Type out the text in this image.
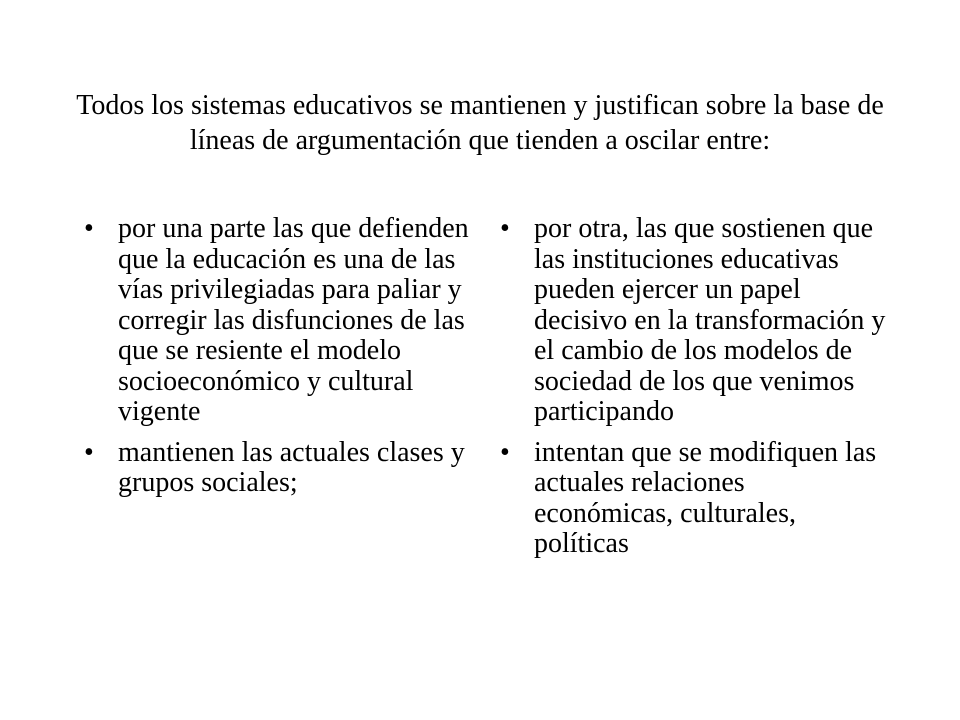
Todos los sistemas educativos se mantienen y justifican sobre la base de líneas de argumentación que tienden a oscilar entre:
• por una parte las que defienden que la educación es una de las vías privilegiadas para paliar y corregir las disfunciones de las que se resiente el modelo socioeconómico y cultural vigente
• mantienen las actuales clases y grupos sociales;
• por otra, las que sostienen que las instituciones educativas pueden ejercer un papel decisivo en la transformación y el cambio de los modelos de sociedad de los que venimos participando
• intentan que se modifiquen las actuales relaciones económicas, culturales, políticas
